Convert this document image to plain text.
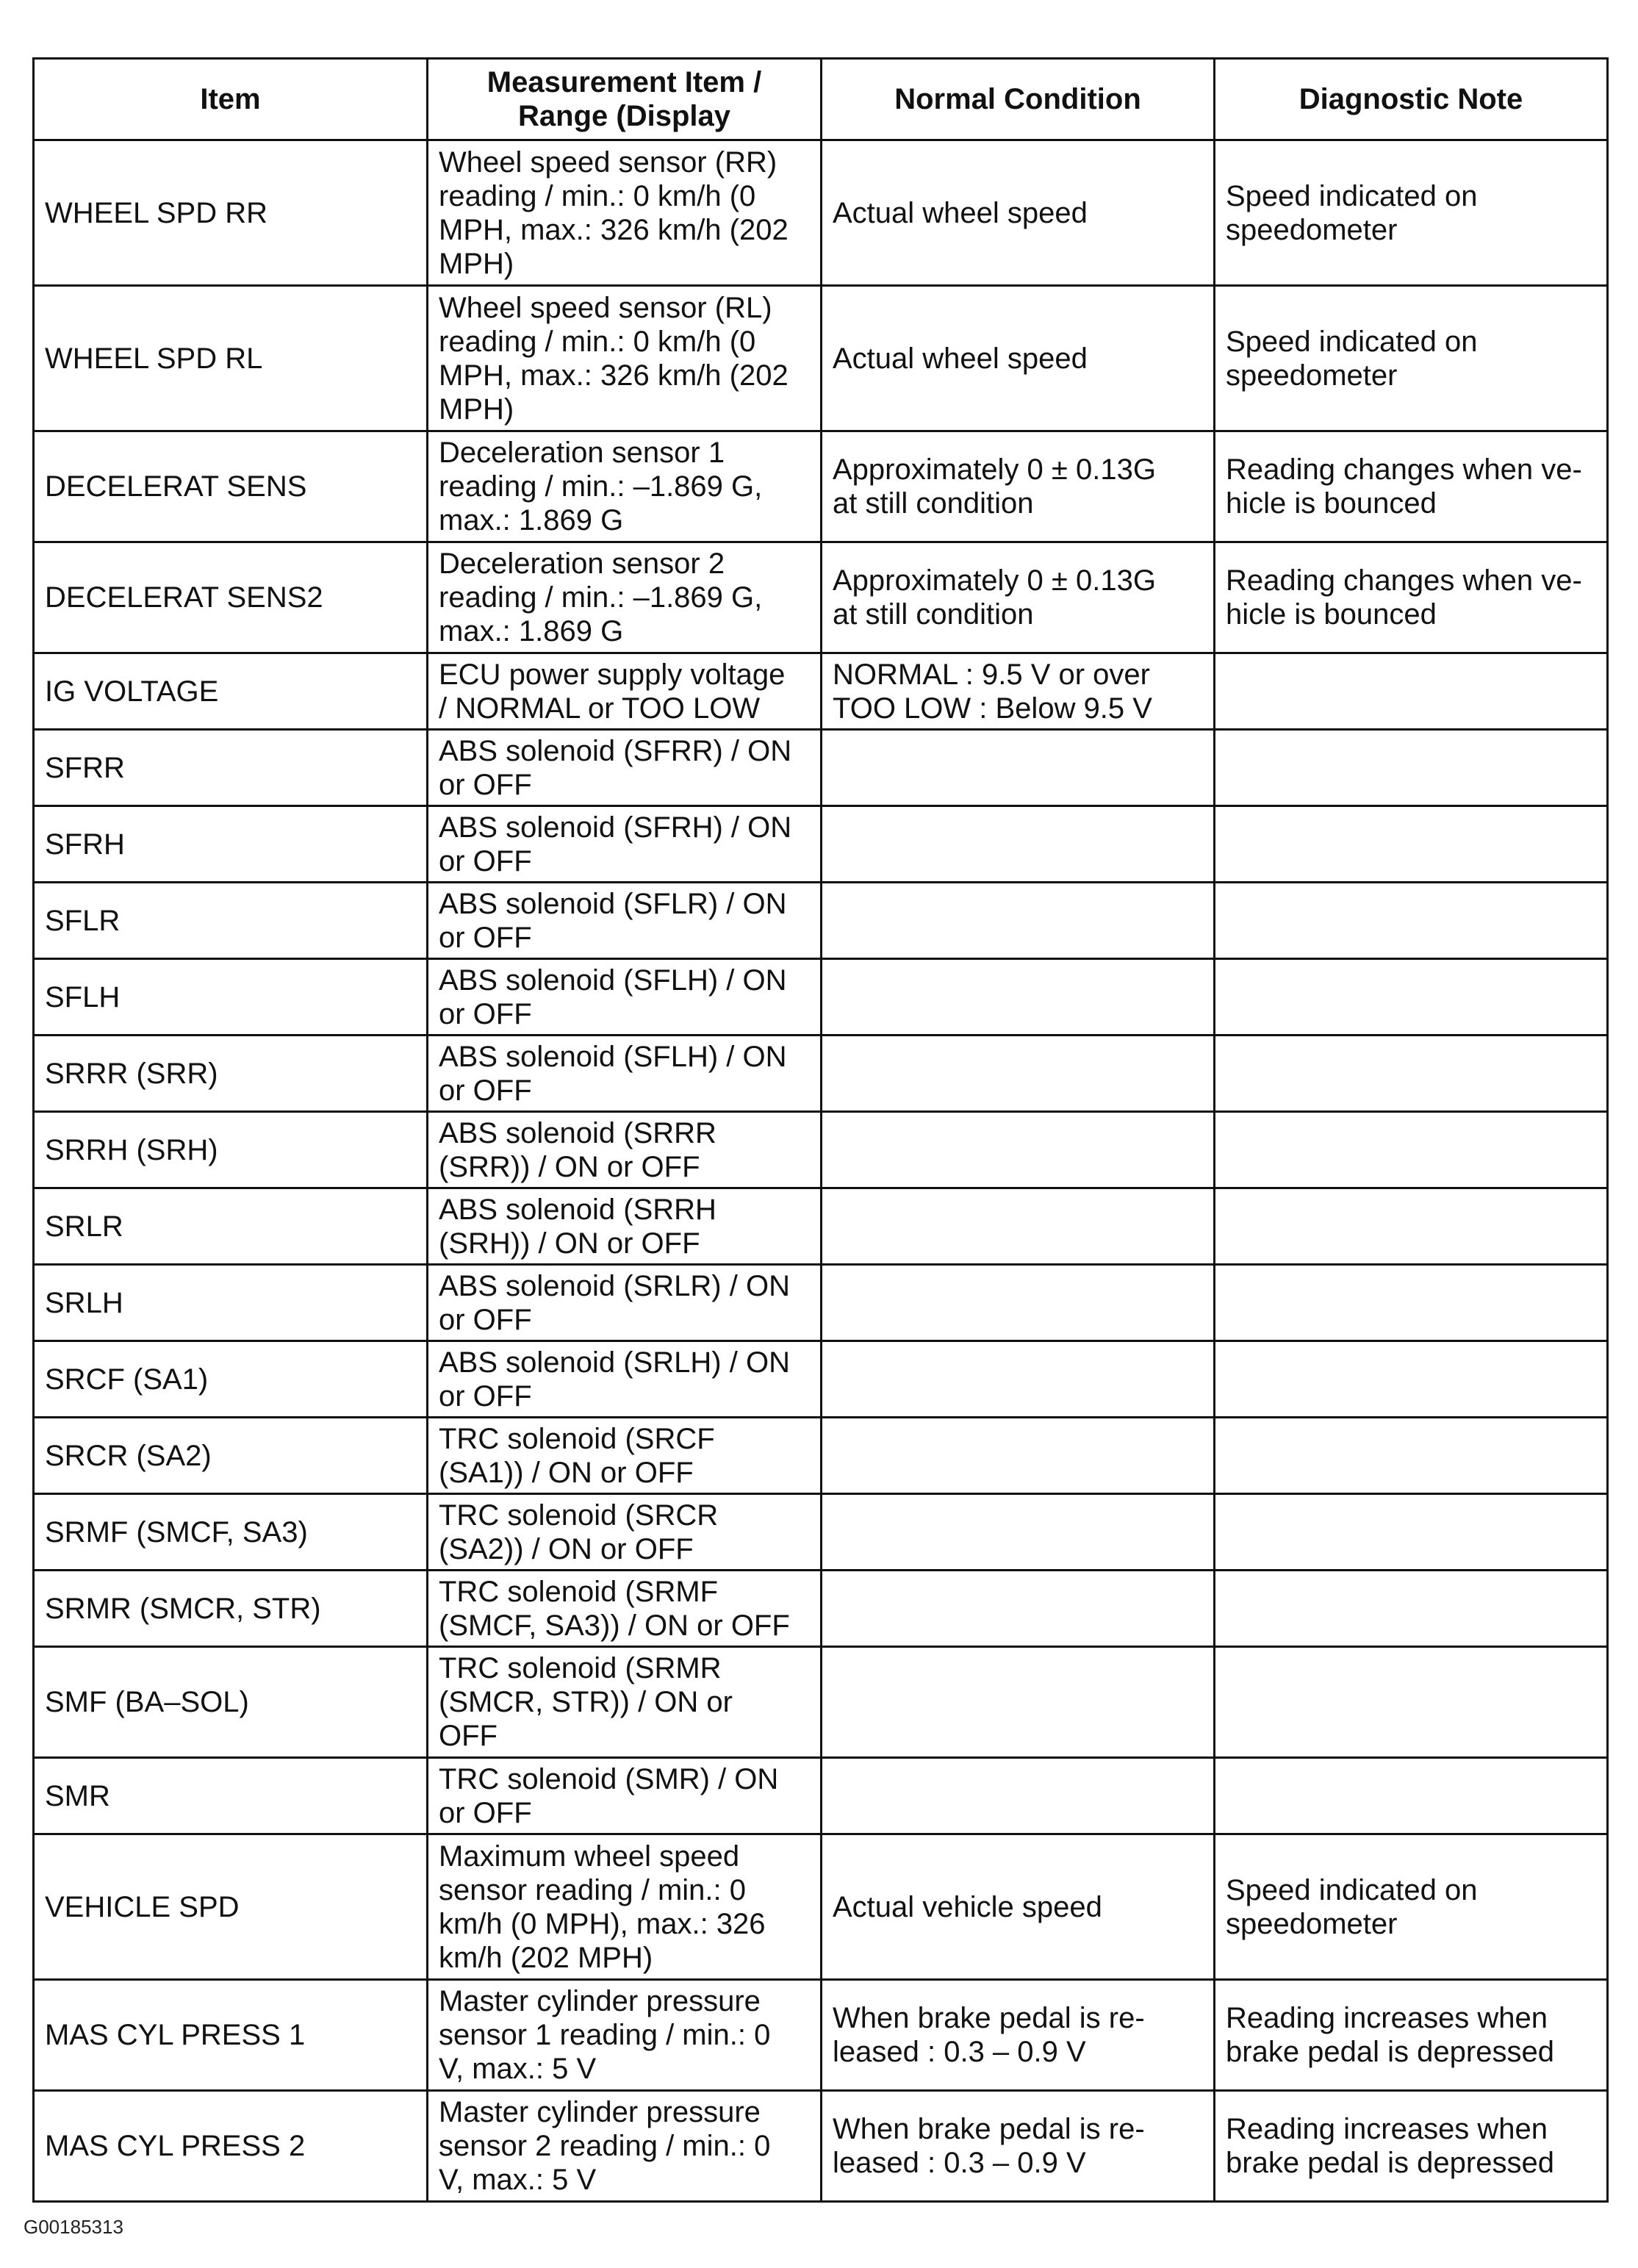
Item	Measurement Item /
Range (Display	Normal Condition	Diagnostic Note
WHEEL SPD RR	Wheel speed sensor (RR)
reading / min.: 0 km/h (0
MPH, max.: 326 km/h (202
MPH)	Actual wheel speed	Speed indicated on
speedometer
WHEEL SPD RL	Wheel speed sensor (RL)
reading / min.: 0 km/h (0
MPH, max.: 326 km/h (202
MPH)	Actual wheel speed	Speed indicated on
speedometer
DECELERAT SENS	Deceleration sensor 1
reading / min.: –1.869 G,
max.: 1.869 G	Approximately 0 ± 0.13G
at still condition	Reading changes when ve-
hicle is bounced
DECELERAT SENS2	Deceleration sensor 2
reading / min.: –1.869 G,
max.: 1.869 G	Approximately 0 ± 0.13G
at still condition	Reading changes when ve-
hicle is bounced
IG VOLTAGE	ECU power supply voltage
/ NORMAL or TOO LOW	NORMAL : 9.5 V or over
TOO LOW : Below 9.5 V	
SFRR	ABS solenoid (SFRR) / ON
or OFF		
SFRH	ABS solenoid (SFRH) / ON
or OFF		
SFLR	ABS solenoid (SFLR) / ON
or OFF		
SFLH	ABS solenoid (SFLH) / ON
or OFF		
SRRR (SRR)	ABS solenoid (SFLH) / ON
or OFF		
SRRH (SRH)	ABS solenoid (SRRR
(SRR)) / ON or OFF		
SRLR	ABS solenoid (SRRH
(SRH)) / ON or OFF		
SRLH	ABS solenoid (SRLR) / ON
or OFF		
SRCF (SA1)	ABS solenoid (SRLH) / ON
or OFF		
SRCR (SA2)	TRC solenoid (SRCF
(SA1)) / ON or OFF		
SRMF (SMCF, SA3)	TRC solenoid (SRCR
(SA2)) / ON or OFF		
SRMR (SMCR, STR)	TRC solenoid (SRMF
(SMCF, SA3)) / ON or OFF		
SMF (BA–SOL)	TRC solenoid (SRMR
(SMCR, STR)) / ON or
OFF		
SMR	TRC solenoid (SMR) / ON
or OFF		
VEHICLE SPD	Maximum wheel speed
sensor reading / min.: 0
km/h (0 MPH), max.: 326
km/h (202 MPH)	Actual vehicle speed	Speed indicated on
speedometer
MAS CYL PRESS 1	Master cylinder pressure
sensor 1 reading / min.: 0
V, max.: 5 V	When brake pedal is re-
leased : 0.3 – 0.9 V	Reading increases when
brake pedal is depressed
MAS CYL PRESS 2	Master cylinder pressure
sensor 2 reading / min.: 0
V, max.: 5 V	When brake pedal is re-
leased : 0.3 – 0.9 V	Reading increases when
brake pedal is depressed
G00185313
